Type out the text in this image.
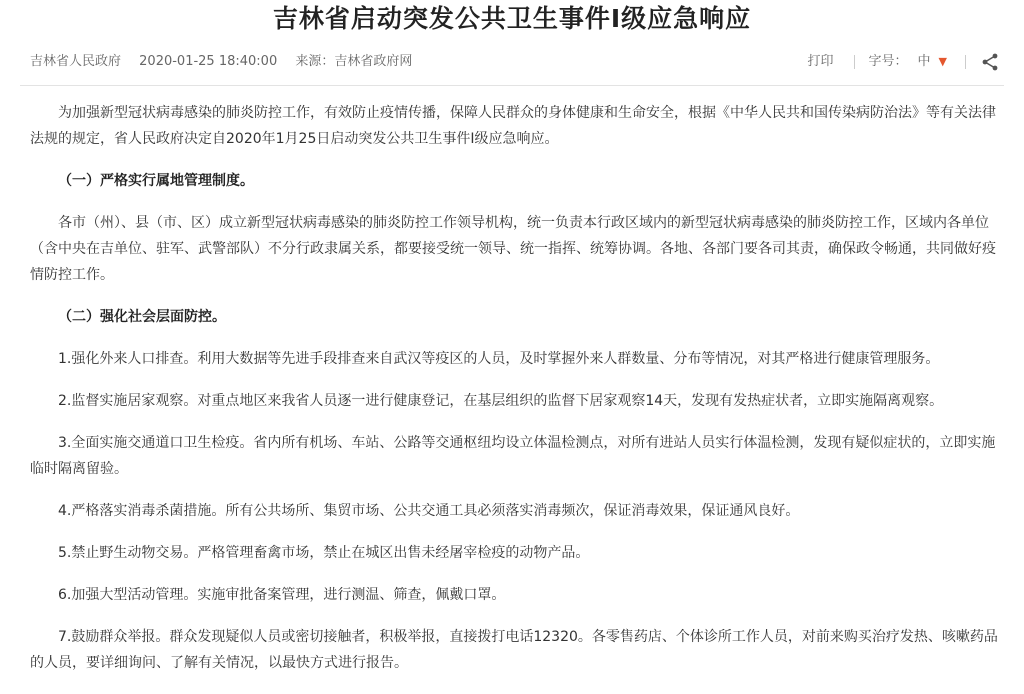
吉林省启动突发公共卫生事件Ⅰ级应急响应
吉林省人民政府 2020-01-25 18:40:00 来源：吉林省政府网	打印	字号： 中 ▼

为加强新型冠状病毒感染的肺炎防控工作，有效防止疫情传播，保障人民群众的身体健康和生命安全，根据《中华人民共和国传染病防治法》等有关法律法规的规定，省人民政府决定自2020年1月25日启动突发公共卫生事件Ⅰ级应急响应。

（一）严格实行属地管理制度。

各市（州）、县（市、区）成立新型冠状病毒感染的肺炎防控工作领导机构，统一负责本行政区域内的新型冠状病毒感染的肺炎防控工作，区域内各单位（含中央在吉单位、驻军、武警部队）不分行政隶属关系，都要接受统一领导、统一指挥、统筹协调。各地、各部门要各司其责，确保政令畅通，共同做好疫情防控工作。

（二）强化社会层面防控。

1.强化外来人口排查。利用大数据等先进手段排查来自武汉等疫区的人员，及时掌握外来人群数量、分布等情况，对其严格进行健康管理服务。

2.监督实施居家观察。对重点地区来我省人员逐一进行健康登记，在基层组织的监督下居家观察14天，发现有发热症状者，立即实施隔离观察。

3.全面实施交通道口卫生检疫。省内所有机场、车站、公路等交通枢纽均设立体温检测点，对所有进站人员实行体温检测，发现有疑似症状的，立即实施临时隔离留验。

4.严格落实消毒杀菌措施。所有公共场所、集贸市场、公共交通工具必须落实消毒频次，保证消毒效果，保证通风良好。

5.禁止野生动物交易。严格管理畜禽市场，禁止在城区出售未经屠宰检疫的动物产品。

6.加强大型活动管理。实施审批备案管理，进行测温、筛查，佩戴口罩。

7.鼓励群众举报。群众发现疑似人员或密切接触者，积极举报，直接拨打电话12320。各零售药店、个体诊所工作人员，对前来购买治疗发热、咳嗽药品的人员，要详细询问、了解有关情况，以最快方式进行报告。
